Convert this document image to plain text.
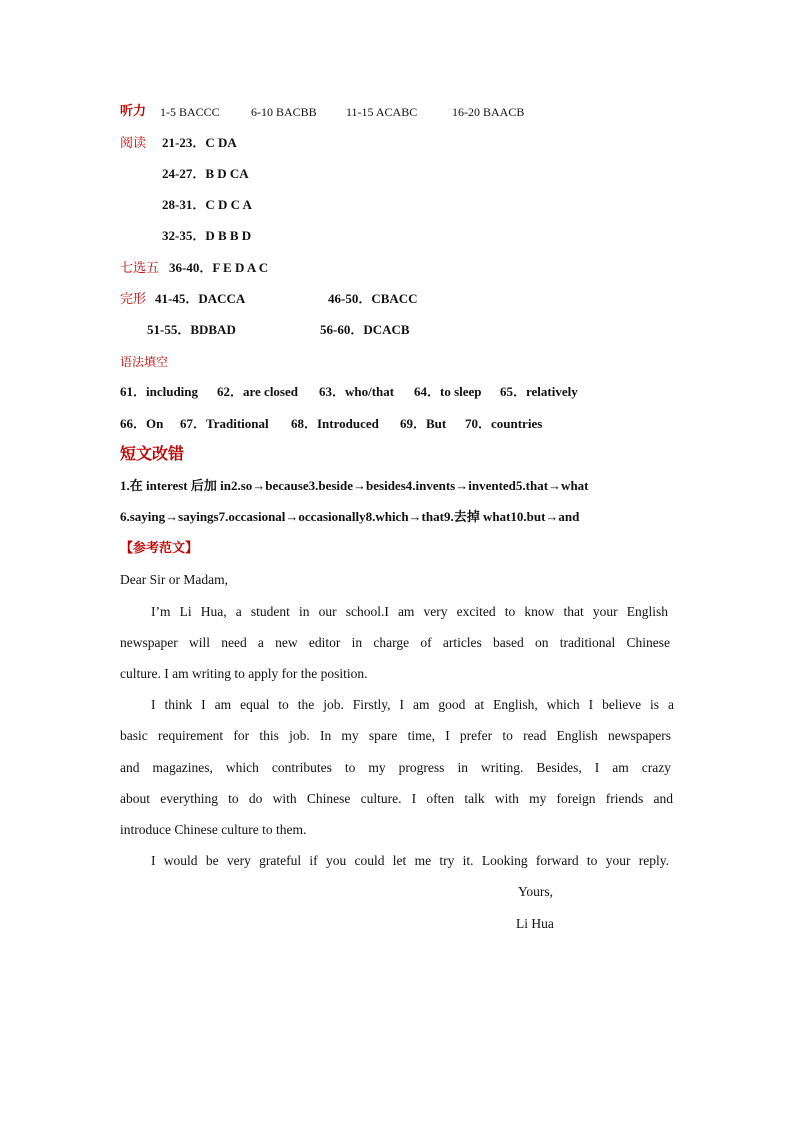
听力 1-5 BACCC	6-10 BACBB 11-15 ACABC	16-20 BAACB
阅读 21-23．C DA
24-27．B D CA
28-31．C D C A
32-35．D B B D
七选五 36-40．F E D A C
完形 41-45．DACCA	46-50．CBACC
51-55．BDBAD	56-60．DCACB
语法填空
61．including 62．are closed 63．who/that 64．to sleep 65．relatively
66．On 67．Traditional 68．Introduced 69．But 70．countries
短文改错
1.在 interest 后加 in2.so→because3.beside→besides4.invents→invented5.that→what
6.saying→sayings7.occasional→occasionally8.which→that9.去掉 what10.but→and
【参考范文】
Dear Sir or Madam,
I’m Li Hua, a student in our school.I am very excited to know that your English
newspaper will need a new editor in charge of articles based on traditional Chinese
culture. I am writing to apply for the position.
I think I am equal to the job. Firstly, I am good at English, which I believe is a
basic requirement for this job. In my spare time, I prefer to read English newspapers
and magazines, which contributes to my progress in writing. Besides, I am crazy
about everything to do with Chinese culture. I often talk with my foreign friends and
introduce Chinese culture to them.
I would be very grateful if you could let me try it. Looking forward to your reply.
Yours,
Li Hua
